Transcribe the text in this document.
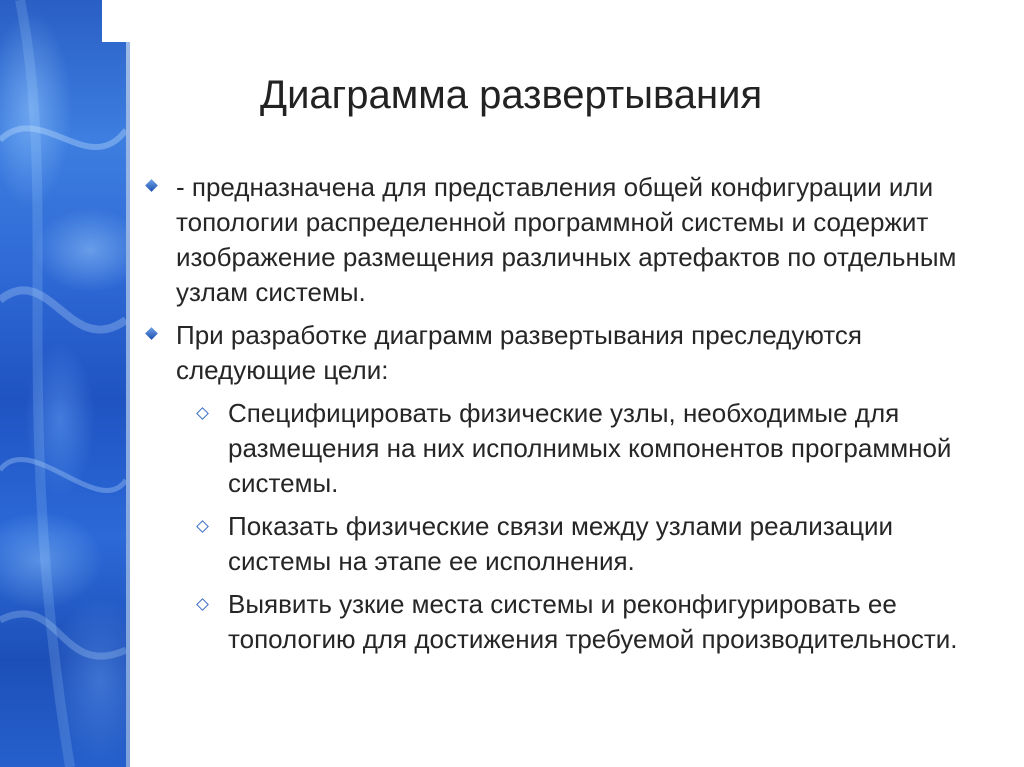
Диаграмма развертывания
- предназначена для представления общей конфигурации или топологии распределенной программной системы и содержит изображение размещения различных артефактов по отдельным узлам системы.
При разработке диаграмм развертывания преследуются следующие цели:
Специфицировать физические узлы, необходимые для размещения на них исполнимых компонентов программной системы.
Показать физические связи между узлами реализации системы на этапе ее исполнения.
Выявить узкие места системы и реконфигурировать ее топологию для достижения требуемой производительности.
